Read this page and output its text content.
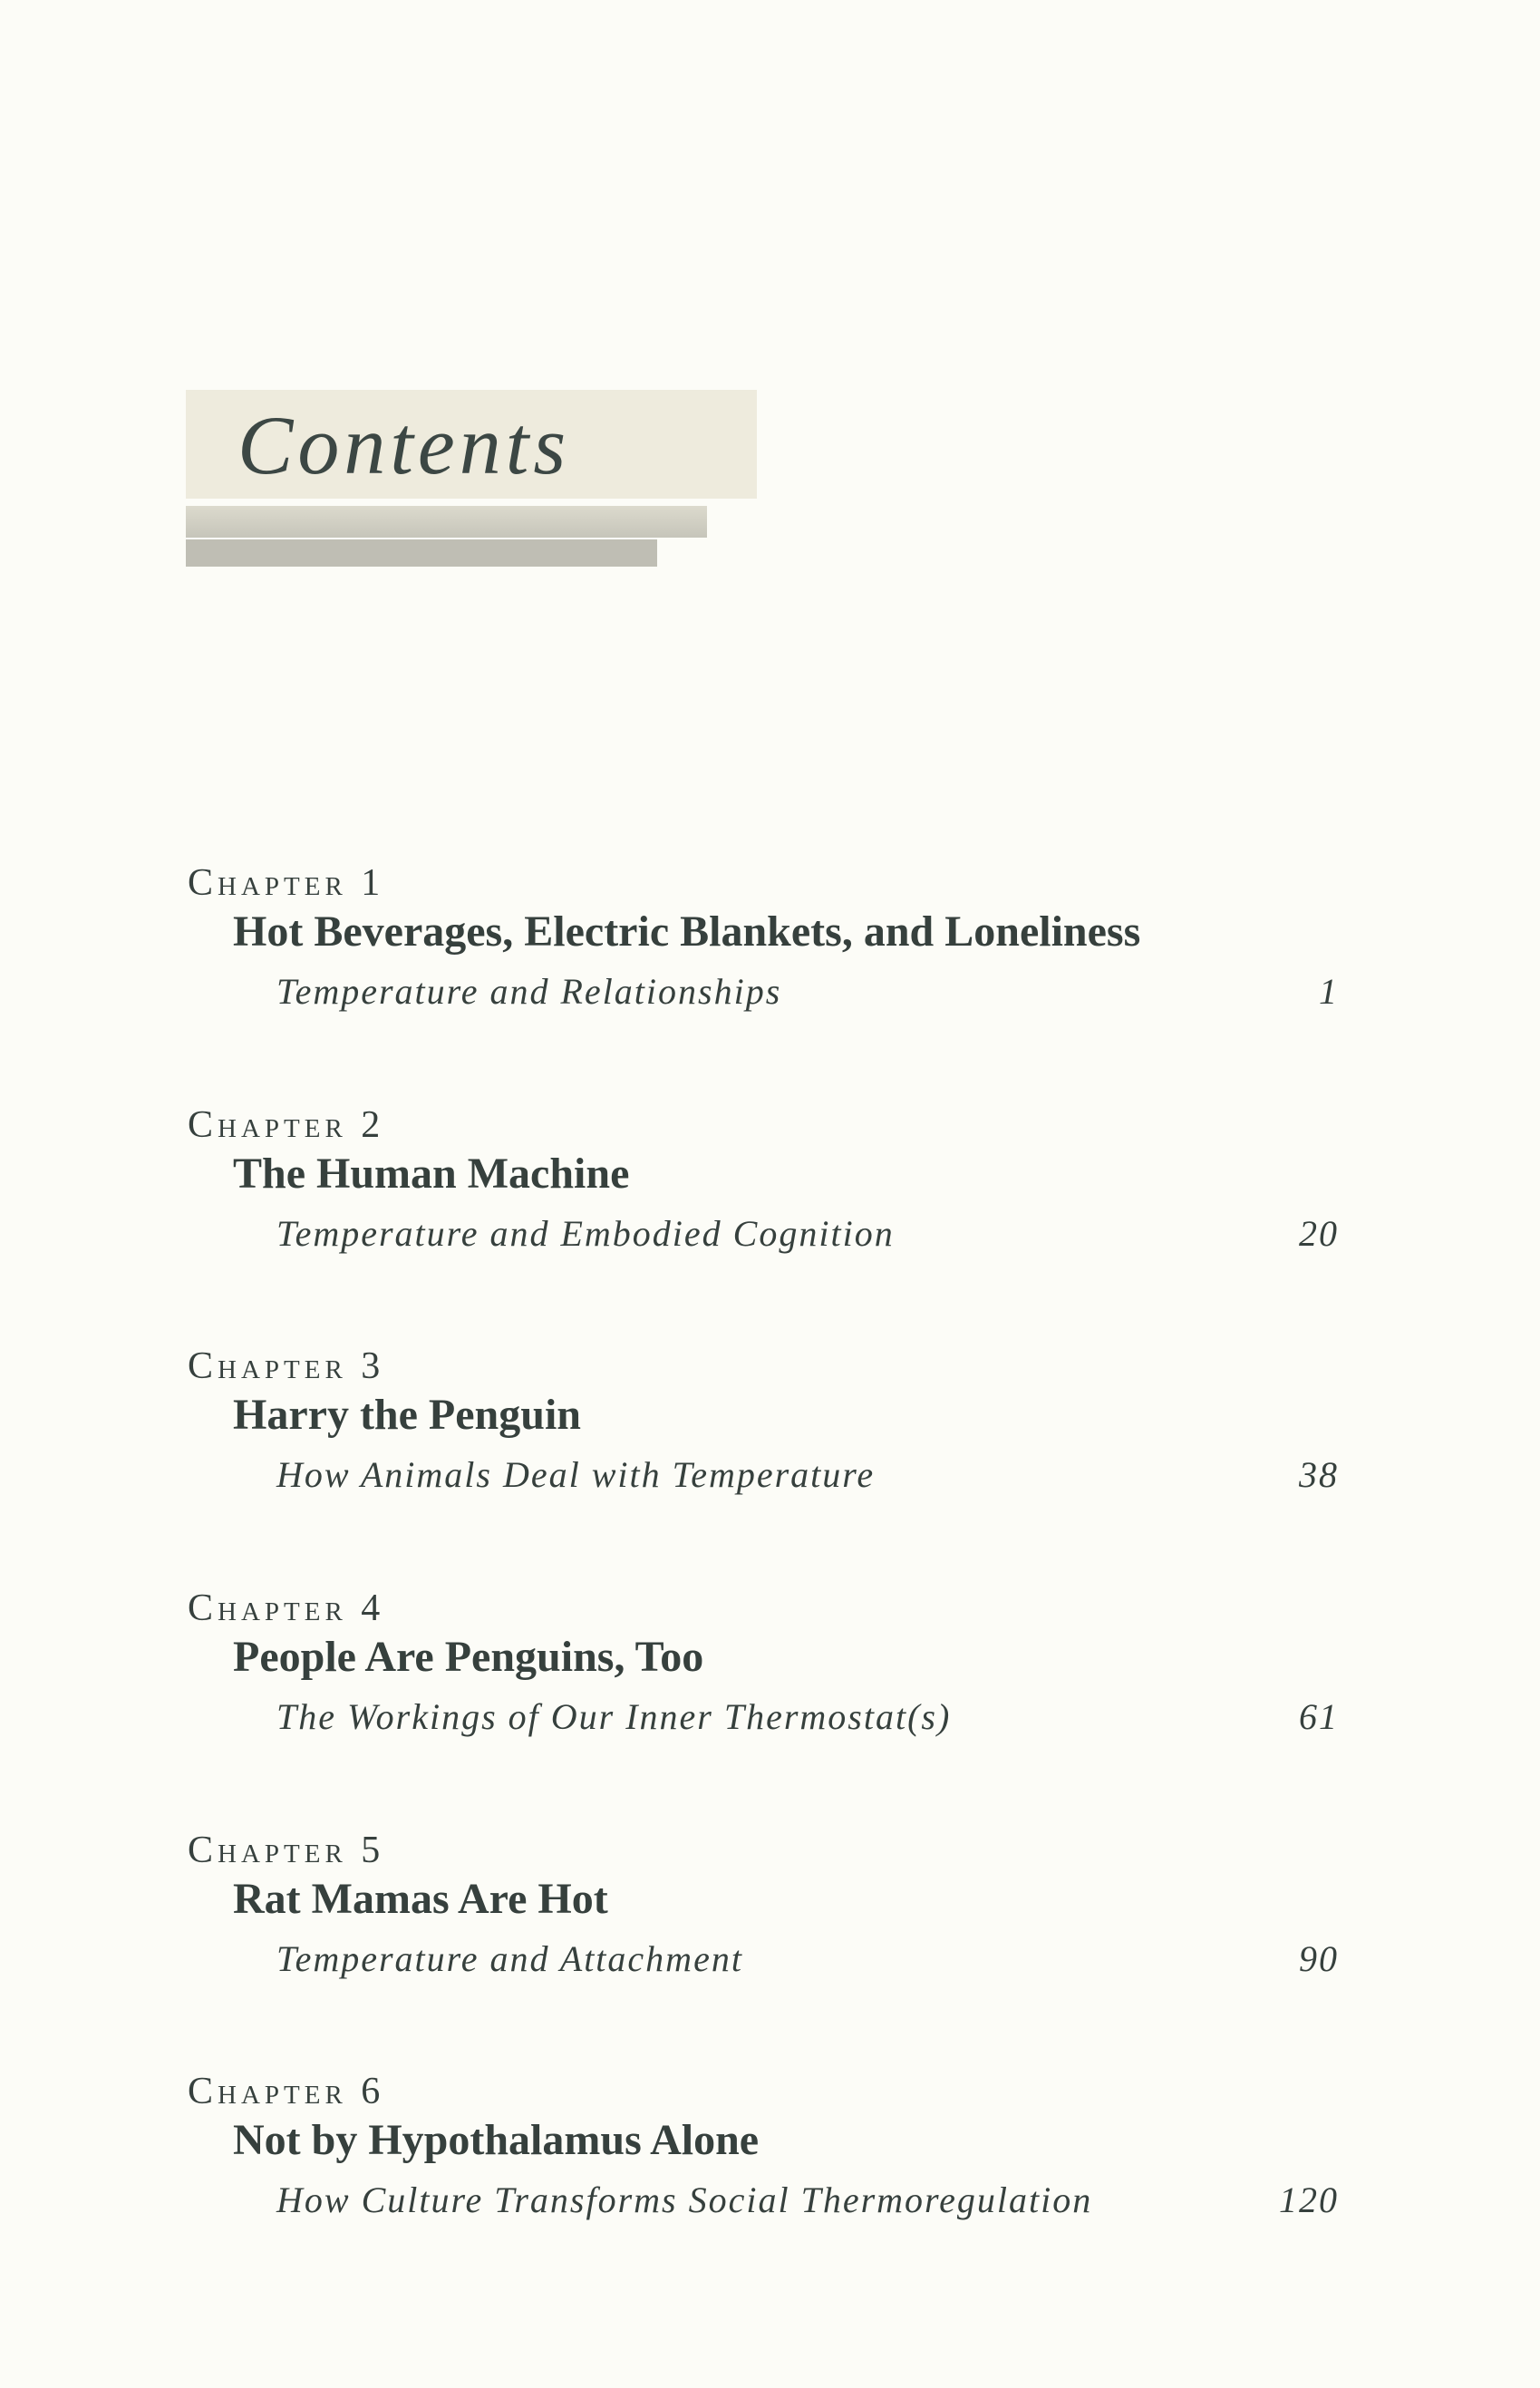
Contents
Chapter 1
Hot Beverages, Electric Blankets, and Loneliness
Temperature and Relationships	1
Chapter 2
The Human Machine
Temperature and Embodied Cognition	20
Chapter 3
Harry the Penguin
How Animals Deal with Temperature	38
Chapter 4
People Are Penguins, Too
The Workings of Our Inner Thermostat(s)	61
Chapter 5
Rat Mamas Are Hot
Temperature and Attachment	90
Chapter 6
Not by Hypothalamus Alone
How Culture Transforms Social Thermoregulation	120
